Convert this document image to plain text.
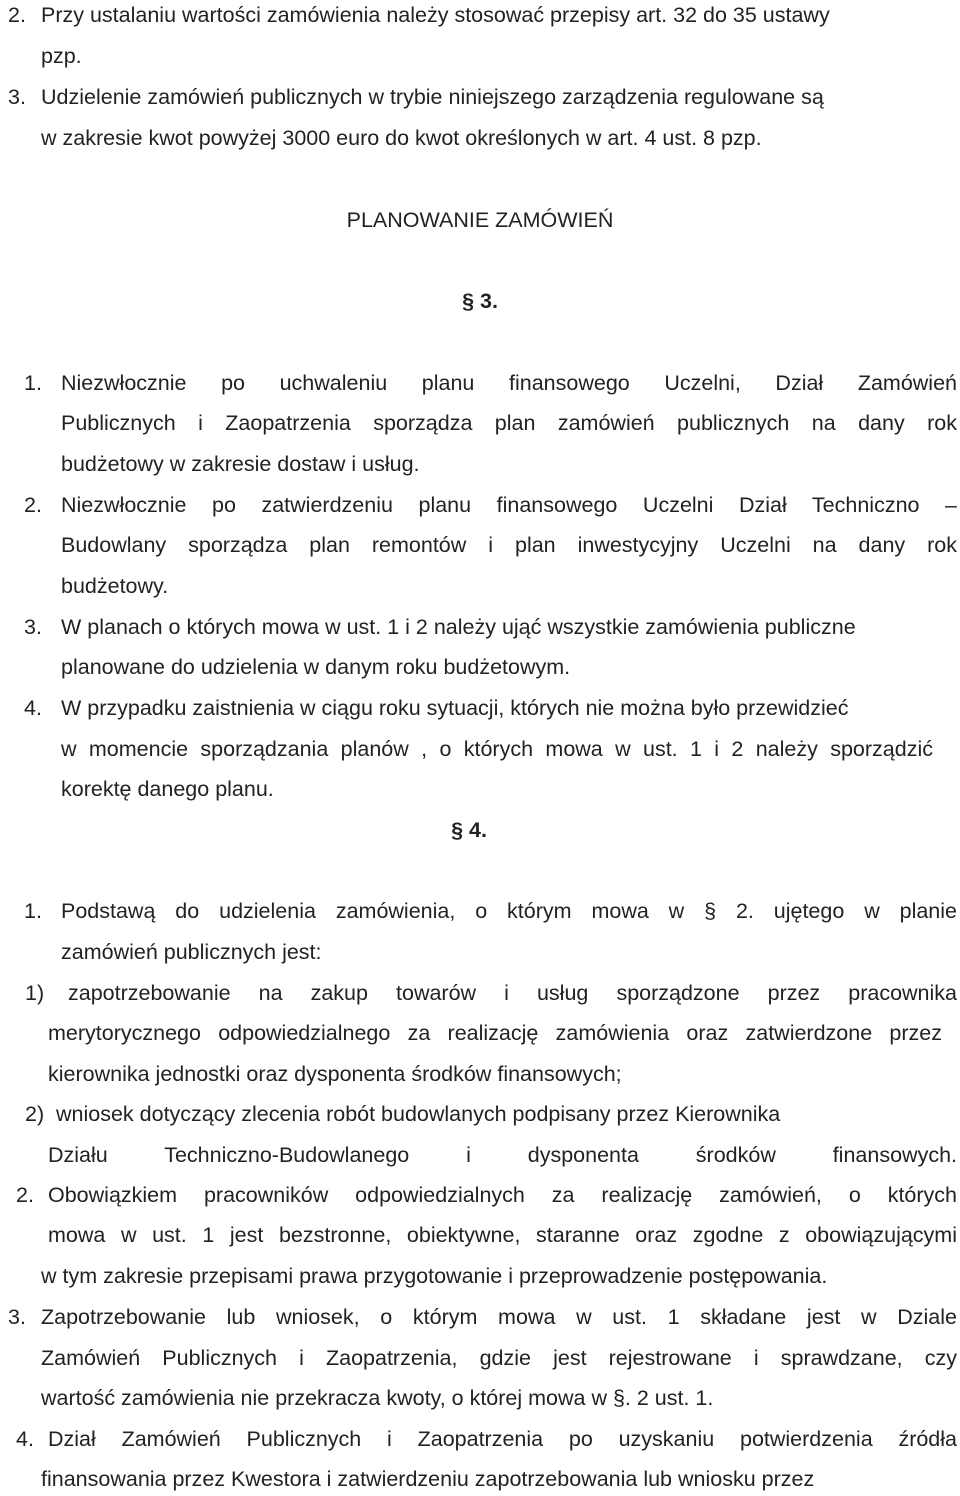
2. Przy ustalaniu wartości zamówienia należy stosować przepisy art. 32 do 35 ustawy
pzp.
3. Udzielenie zamówień publicznych w trybie niniejszego zarządzenia regulowane są
w zakresie kwot powyżej 3000 euro do kwot określonych w art. 4 ust. 8 pzp.
PLANOWANIE ZAMÓWIEŃ
§ 3.
1. Niezwłocznie po uchwaleniu planu finansowego Uczelni, Dział Zamówień
Publicznych i Zaopatrzenia sporządza plan zamówień publicznych na dany rok
budżetowy w zakresie dostaw i usług.
2. Niezwłocznie po zatwierdzeniu planu finansowego Uczelni Dział Techniczno –
Budowlany sporządza plan remontów i plan inwestycyjny Uczelni na dany rok
budżetowy.
3. W planach o których mowa w ust. 1 i 2 należy ująć wszystkie zamówienia publiczne
planowane do udzielenia w danym roku budżetowym.
4. W przypadku zaistnienia w ciągu roku sytuacji, których nie można było przewidzieć
w momencie sporządzania planów , o których mowa w ust. 1 i 2 należy sporządzić
korektę danego planu.
§ 4.
1. Podstawą do udzielenia zamówienia, o którym mowa w § 2. ujętego w planie
zamówień publicznych jest:
1) zapotrzebowanie na zakup towarów i usług sporządzone przez pracownika
merytorycznego odpowiedzialnego za realizację zamówienia oraz zatwierdzone przez
kierownika jednostki oraz dysponenta środków finansowych;
2) wniosek dotyczący zlecenia robót budowlanych podpisany przez Kierownika
Działu Techniczno-Budowlanego i dysponenta środków finansowych.
2. Obowiązkiem pracowników odpowiedzialnych za realizację zamówień, o których
mowa w ust. 1 jest bezstronne, obiektywne, staranne oraz zgodne z obowiązującymi
w tym zakresie przepisami prawa przygotowanie i przeprowadzenie postępowania.
3. Zapotrzebowanie lub wniosek, o którym mowa w ust. 1 składane jest w Dziale
Zamówień Publicznych i Zaopatrzenia, gdzie jest rejestrowane i sprawdzane, czy
wartość zamówienia nie przekracza kwoty, o której mowa w §. 2 ust. 1.
4. Dział Zamówień Publicznych i Zaopatrzenia po uzyskaniu potwierdzenia źródła
finansowania przez Kwestora i zatwierdzeniu zapotrzebowania lub wniosku przez
